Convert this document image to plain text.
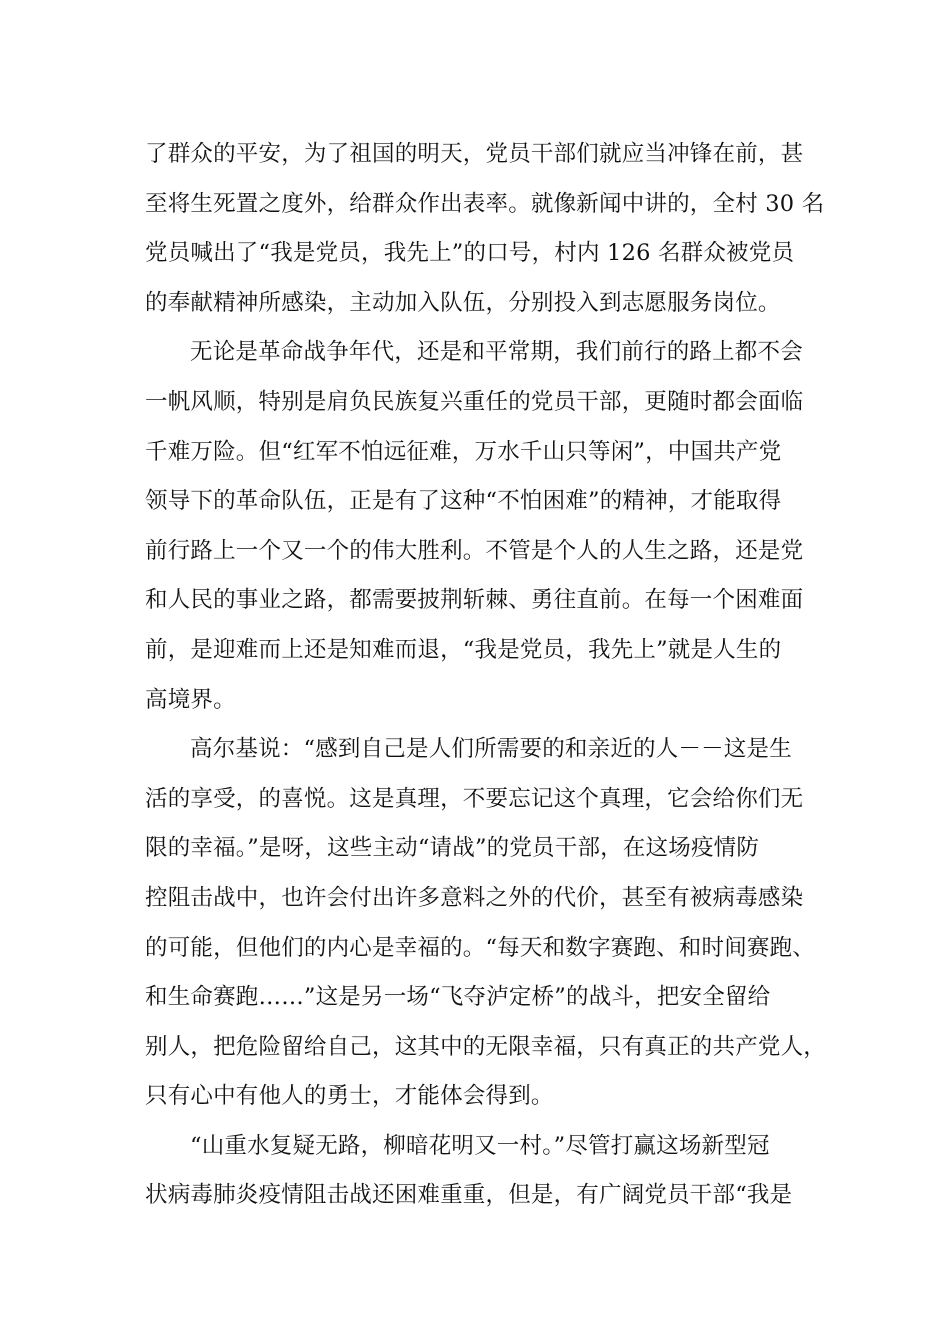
了群众的平安，为了祖国的明天，党员干部们就应当冲锋在前，甚
至将生死置之度外，给群众作出表率。就像新闻中讲的，全村 30 名
党员喊出了“我是党员，我先上”的口号，村内 126 名群众被党员
的奉献精神所感染，主动加入队伍，分别投入到志愿服务岗位。
无论是革命战争年代，还是和平常期，我们前行的路上都不会
一帆风顺，特别是肩负民族复兴重任的党员干部，更随时都会面临
千难万险。但“红军不怕远征难，万水千山只等闲”，中国共产党
领导下的革命队伍，正是有了这种“不怕困难”的精神，才能取得
前行路上一个又一个的伟大胜利。不管是个人的人生之路，还是党
和人民的事业之路，都需要披荆斩棘、勇往直前。在每一个困难面
前，是迎难而上还是知难而退，“我是党员，我先上”就是人生的
高境界。
高尔基说：“感到自己是人们所需要的和亲近的人－－这是生
活的享受，的喜悦。这是真理，不要忘记这个真理，它会给你们无
限的幸福。”是呀，这些主动“请战”的党员干部，在这场疫情防
控阻击战中，也许会付出许多意料之外的代价，甚至有被病毒感染
的可能，但他们的内心是幸福的。“每天和数字赛跑、和时间赛跑、
和生命赛跑……”这是另一场“飞夺泸定桥”的战斗，把安全留给
别人，把危险留给自己，这其中的无限幸福，只有真正的共产党人，
只有心中有他人的勇士，才能体会得到。
“山重水复疑无路，柳暗花明又一村。”尽管打赢这场新型冠
状病毒肺炎疫情阻击战还困难重重，但是，有广阔党员干部“我是
